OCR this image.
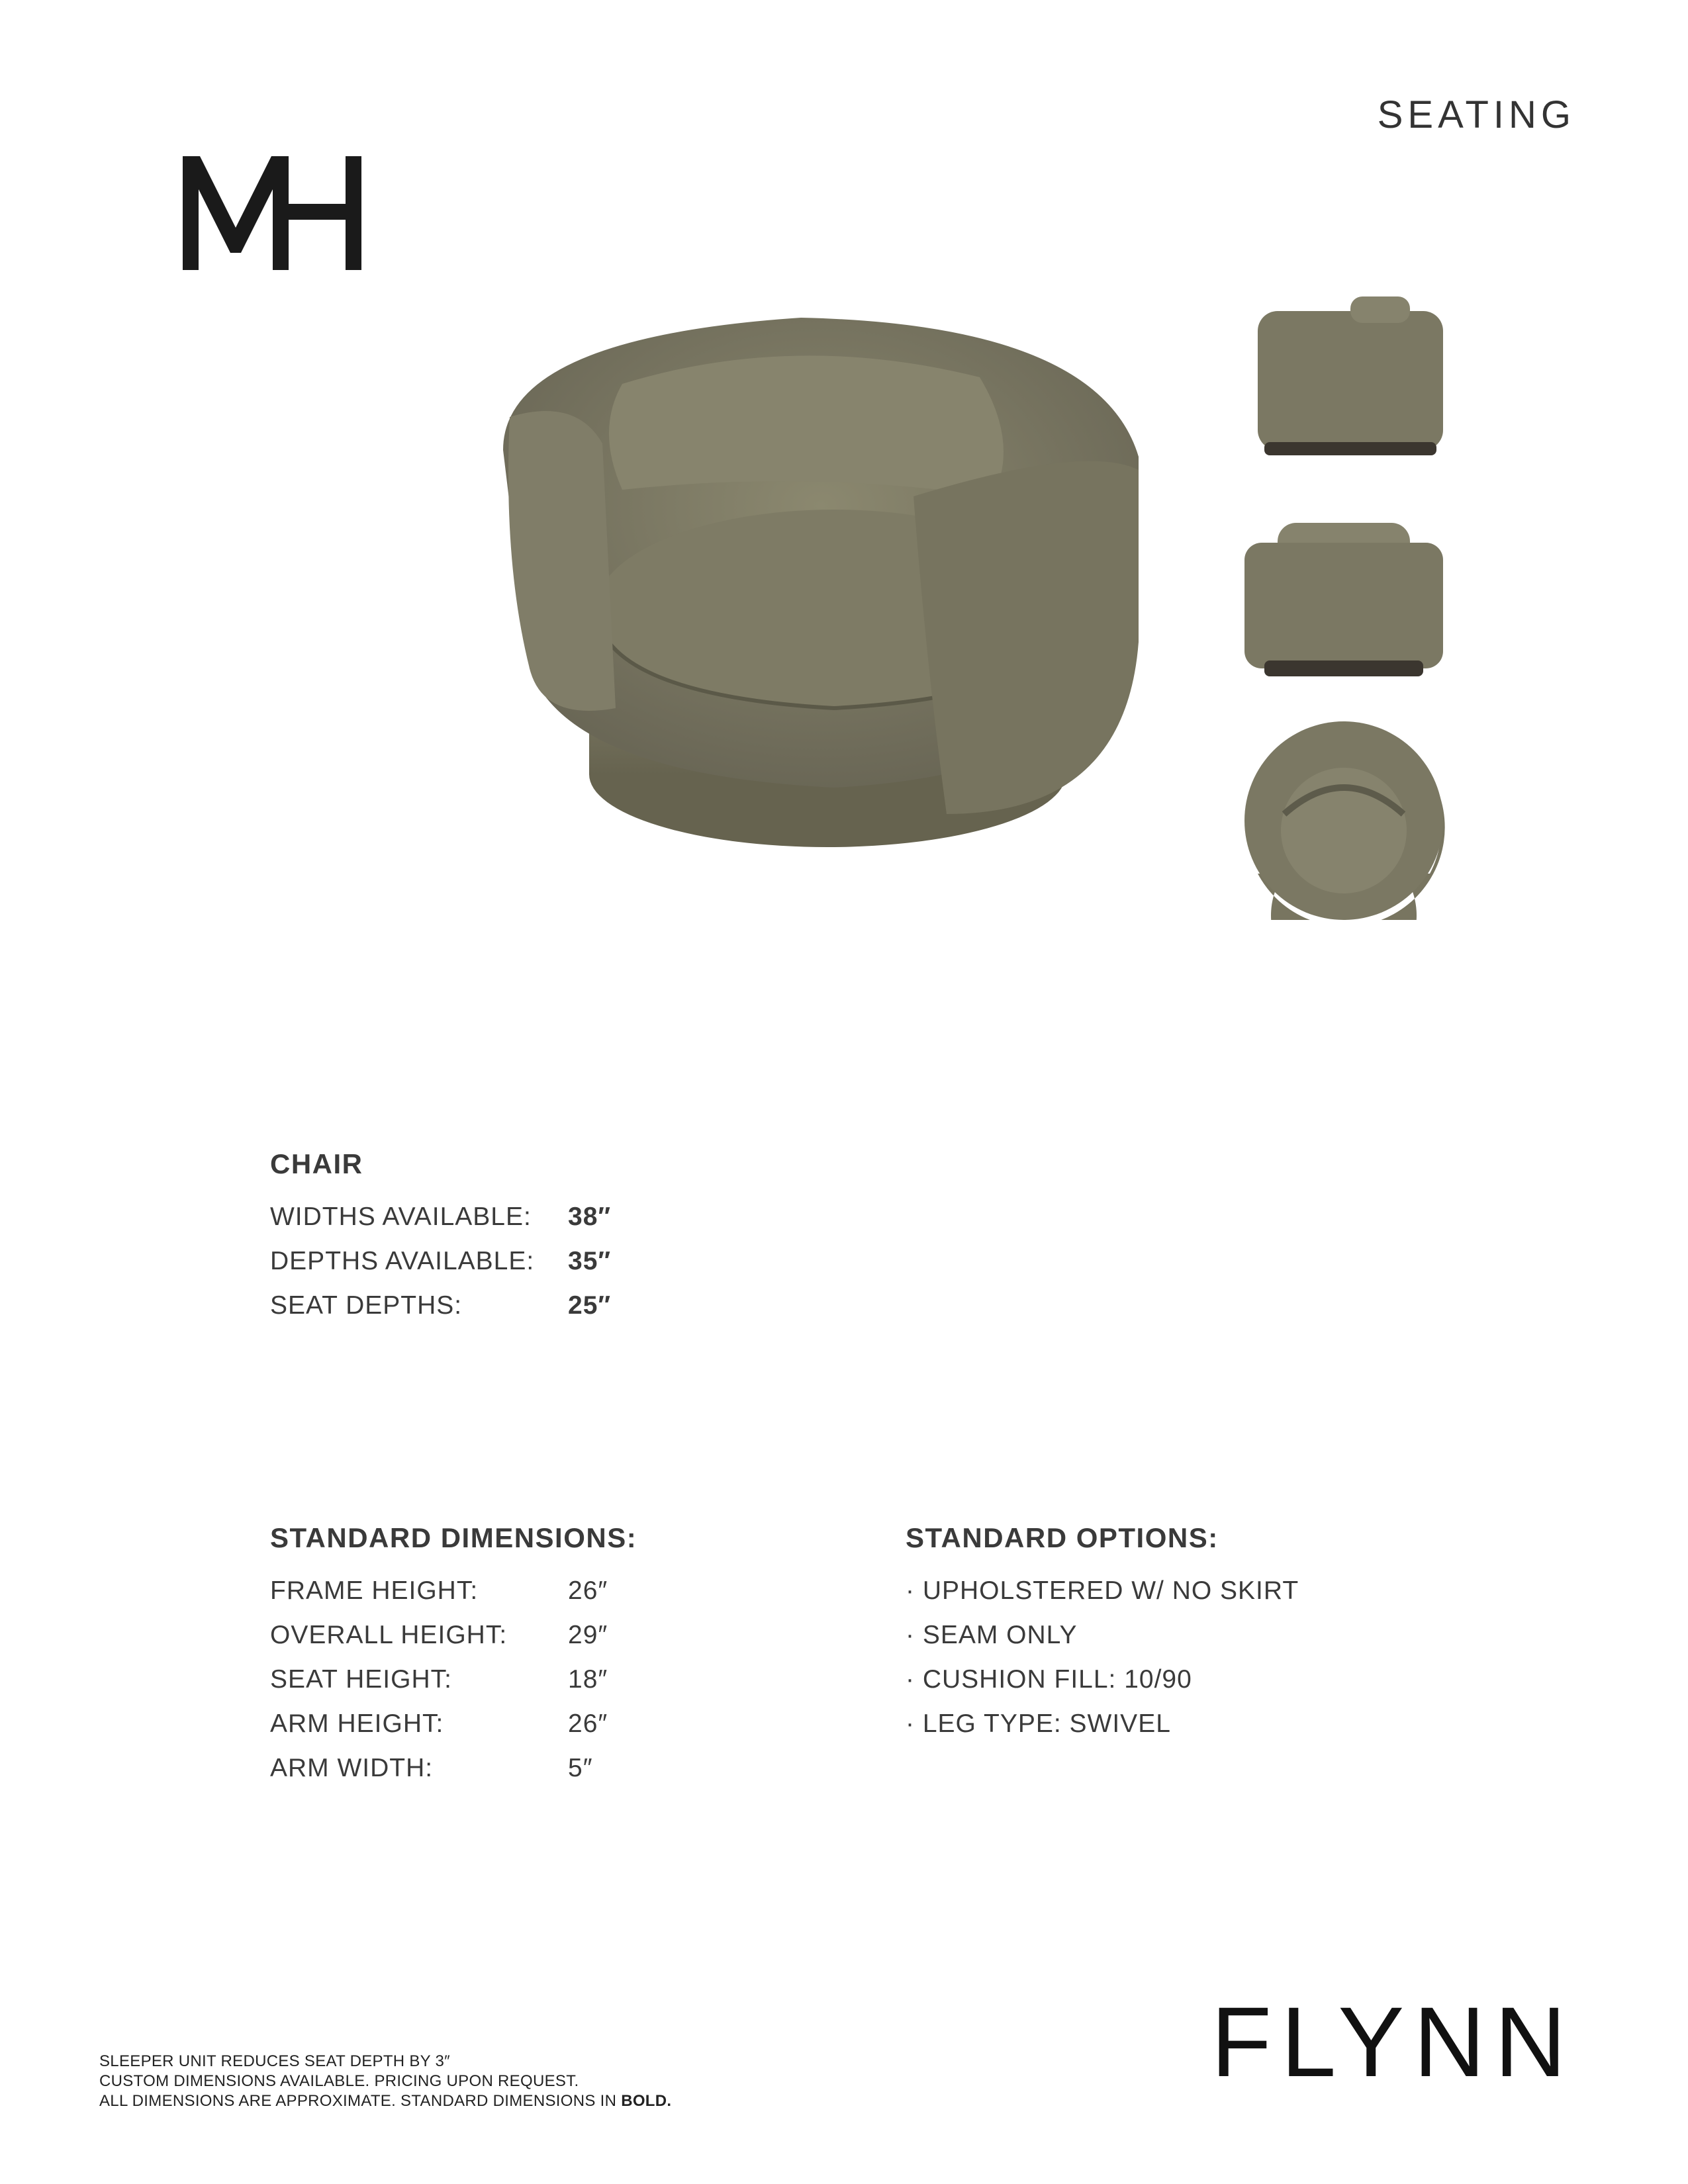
SEATING
CHAIR
WIDTHS AVAILABLE:	38″
DEPTHS AVAILABLE:	35″
SEAT DEPTHS:	25″
STANDARD DIMENSIONS:
FRAME HEIGHT:	26″
OVERALL HEIGHT:	29″
SEAT HEIGHT:	18″
ARM HEIGHT:	26″
ARM WIDTH:	5″
STANDARD OPTIONS:
· UPHOLSTERED W/ NO SKIRT
· SEAM ONLY
· CUSHION FILL: 10/90
· LEG TYPE: SWIVEL
FLYNN
SLEEPER UNIT REDUCES SEAT DEPTH BY 3″
CUSTOM DIMENSIONS AVAILABLE. PRICING UPON REQUEST.
ALL DIMENSIONS ARE APPROXIMATE. STANDARD DIMENSIONS IN BOLD.
